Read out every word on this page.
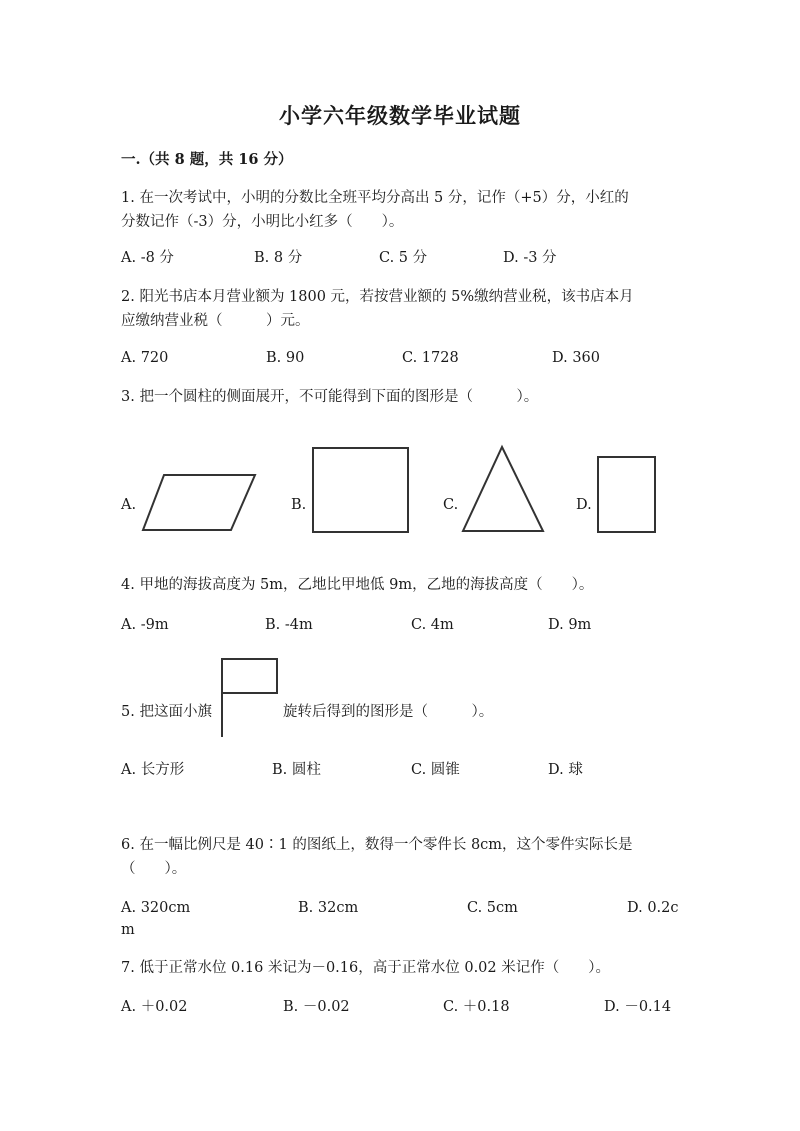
小学六年级数学毕业试题
一.（共 8 题，共 16 分）
1. 在一次考试中，小明的分数比全班平均分高出 5 分，记作（+5）分，小红的
分数记作（-3）分，小明比小红多（　　）。
A. -8 分	B. 8 分	C. 5 分	D. -3 分
2. 阳光书店本月营业额为 1800 元，若按营业额的 5%缴纳营业税，该书店本月
应缴纳营业税（　　　）元。
A. 720	B. 90	C. 1728	D. 360
3. 把一个圆柱的侧面展开，不可能得到下面的图形是（　　　）。
A.	B.	C.	D.
4. 甲地的海拔高度为 5m，乙地比甲地低 9m，乙地的海拔高度（　　）。
A. -9m	B. -4m	C. 4m	D. 9m
5. 把这面小旗	旋转后得到的图形是（　　　）。
A. 长方形	B. 圆柱	C. 圆锥	D. 球
6. 在一幅比例尺是 40∶1 的图纸上，数得一个零件长 8cm，这个零件实际长是
（　　）。
A. 320cm	B. 32cm	C. 5cm	D. 0.2c
m
7. 低于正常水位 0.16 米记为－0.16，高于正常水位 0.02 米记作（　　）。
A. ＋0.02	B. －0.02	C. ＋0.18	D. －0.14
